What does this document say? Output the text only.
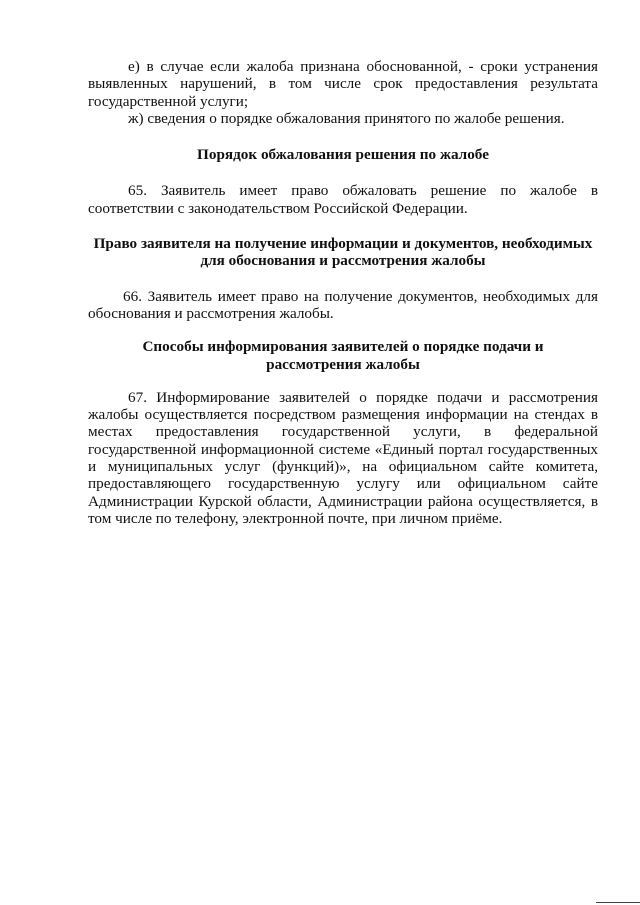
е) в случае если жалоба признана обоснованной, - сроки устранения выявленных нарушений, в том числе срок предоставления результата государственной услуги;

ж) сведения о порядке обжалования принятого по жалобе решения.

Порядок обжалования решения по жалобе

65. Заявитель имеет право обжаловать решение по жалобе в соответствии с законодательством Российской Федерации.

Право заявителя на получение информации и документов, необходимых
для обоснования и рассмотрения жалобы

66. Заявитель имеет право на получение документов, необходимых для обоснования и рассмотрения жалобы.

Способы информирования заявителей о порядке подачи и
рассмотрения жалобы

67. Информирование заявителей о порядке подачи и рассмотрения жалобы осуществляется посредством размещения информации на стендах в местах предоставления государственной услуги, в федеральной государственной информационной системе «Единый портал государственных и муниципальных услуг (функций)», на официальном сайте комитета, предоставляющего государственную услугу или официальном сайте Администрации Курской области, Администрации района осуществляется, в том числе по телефону, электронной почте, при личном приёме.
